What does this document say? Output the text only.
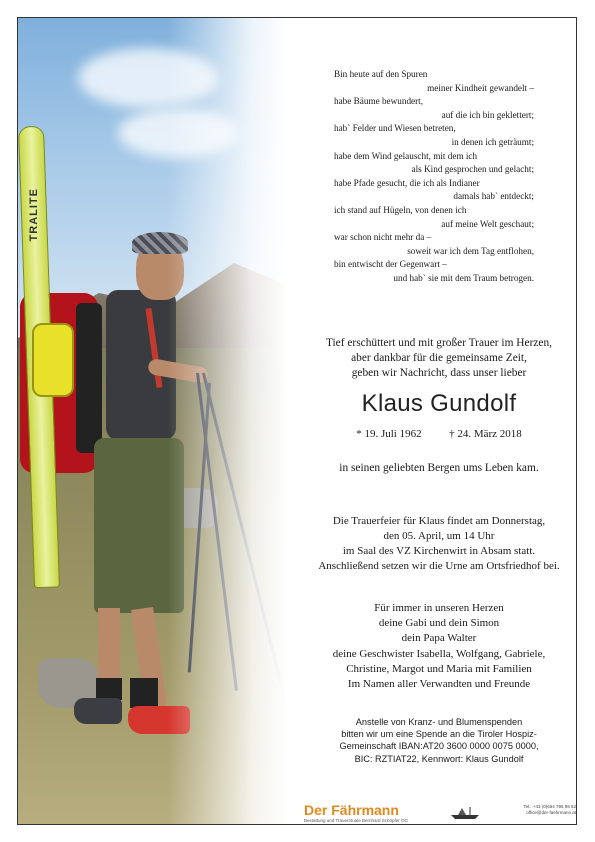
TRALITE
Bin heute auf den Spuren
meiner Kindheit gewandelt –
habe Bäume bewundert,
auf die ich bin geklettert;
hab` Felder und Wiesen betreten,
in denen ich geträumt;
habe dem Wind gelauscht, mit dem ich
als Kind gesprochen und gelacht;
habe Pfade gesucht, die ich als Indianer
damals hab` entdeckt;
ich stand auf Hügeln, von denen ich
auf meine Welt geschaut;
war schon nicht mehr da –
soweit war ich dem Tag entflohen,
bin entwischt der Gegenwart –
und hab` sie mit dem Traum betrogen.
Tief erschüttert und mit großer Trauer im Herzen,
aber dankbar für die gemeinsame Zeit,
geben wir Nachricht, dass unser lieber
Klaus Gundolf
* 19. Juli 1962	† 24. März 2018
in seinen geliebten Bergen ums Leben kam.
Die Trauerfeier für Klaus findet am Donnerstag,
den 05. April, um 14 Uhr
im Saal des VZ Kirchenwirt in Absam statt.
Anschließend setzen wir die Urne am Ortsfriedhof bei.
Für immer in unseren Herzen
deine Gabi und dein Simon
dein Papa Walter
deine Geschwister Isabella, Wolfgang, Gabriele,
Christine, Margot und Maria mit Familien
Im Namen aller Verwandten und Freunde
Anstelle von Kranz- und Blumenspenden
bitten wir um eine Spende an die Tiroler Hospiz-
Gemeinschaft IBAN:AT20 3600 0000 0075 0000,
BIC: RZTIAT22, Kennwort: Klaus Gundolf
Der Fährmann
Bestattung und Trauerrituale Bernhard Schöpfer OG
Tel.: +43 (0)664 795 99 62
office@der-faehrmann.at
